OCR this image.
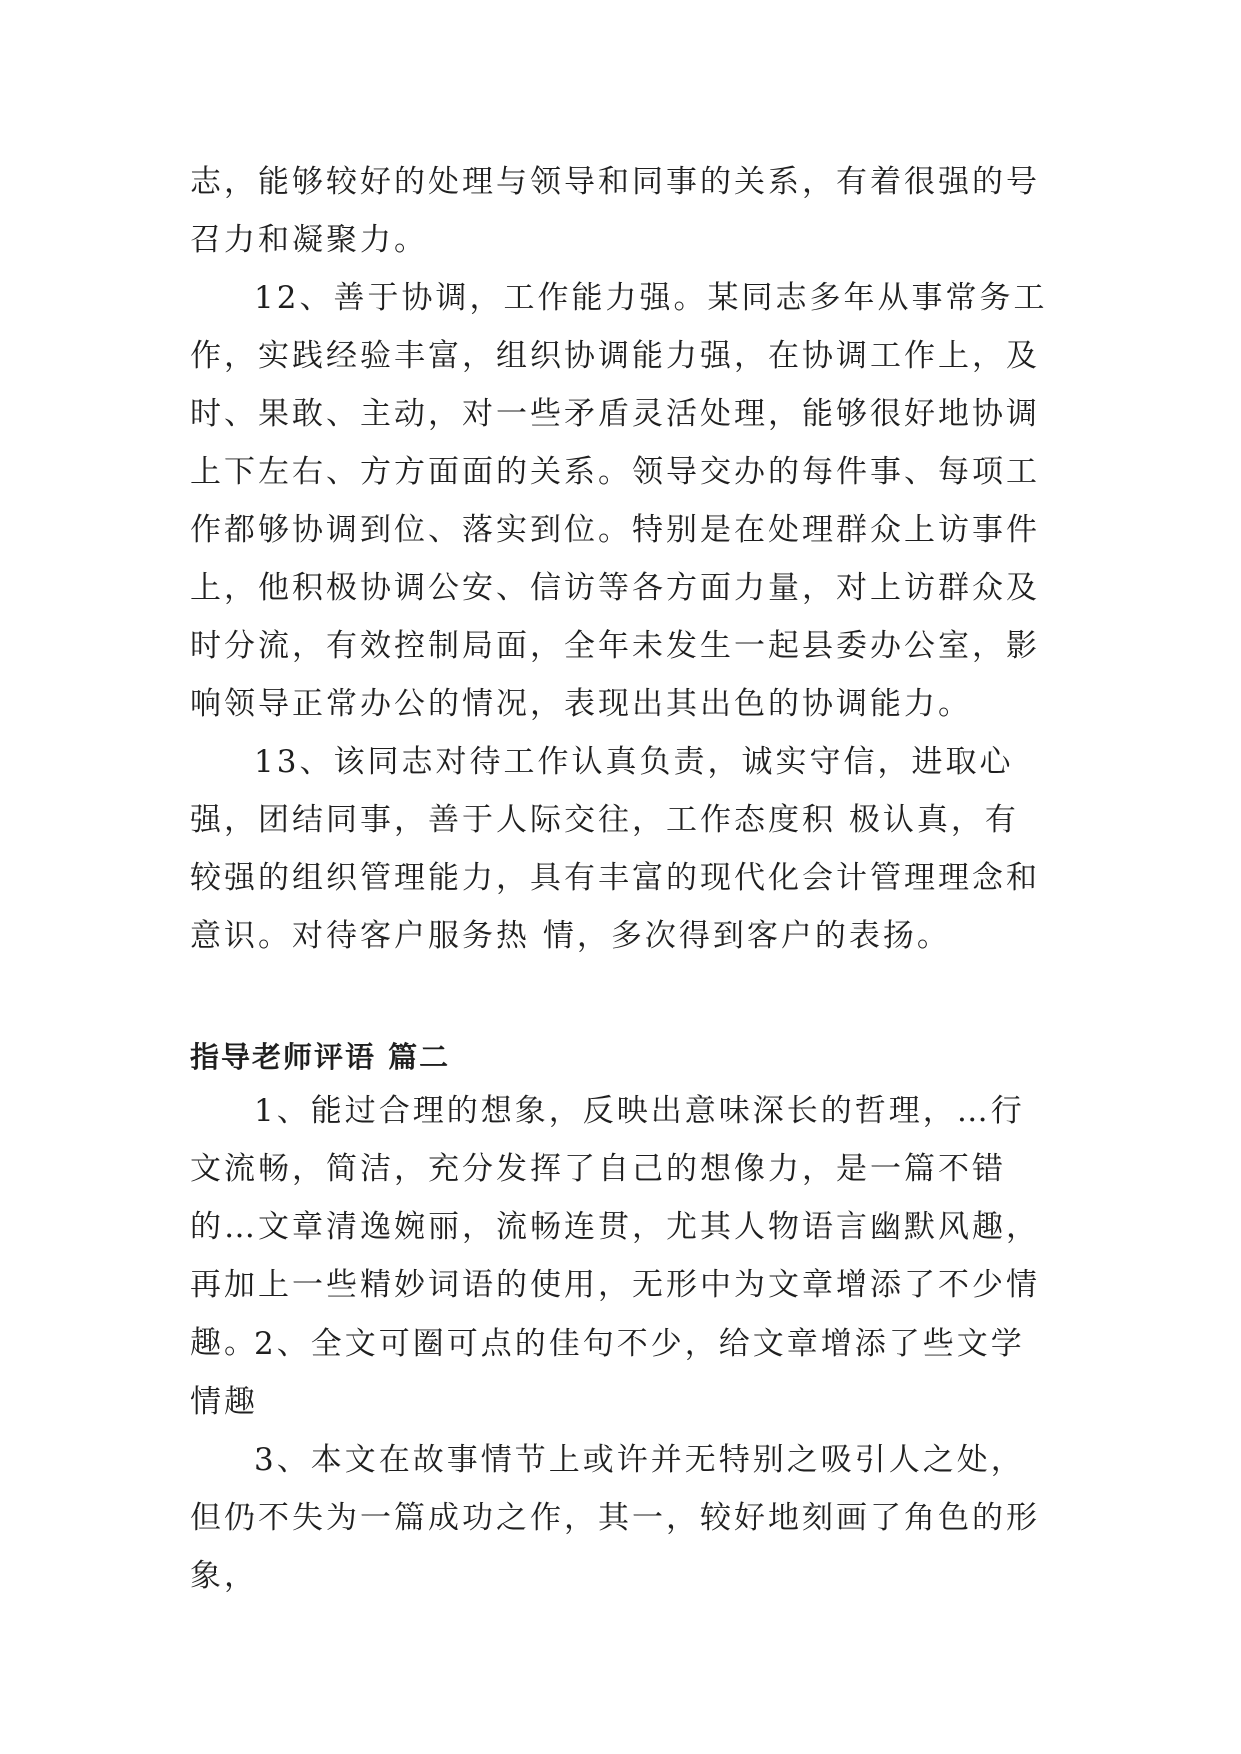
志，能够较好的处理与领导和同事的关系，有着很强的号召力和凝聚力。

12、善于协调，工作能力强。某同志多年从事常务工作，实践经验丰富，组织协调能力强，在协调工作上，及时、果敢、主动，对一些矛盾灵活处理，能够很好地协调上下左右、方方面面的关系。领导交办的每件事、每项工作都够协调到位、落实到位。特别是在处理群众上访事件上，他积极协调公安、信访等各方面力量，对上访群众及时分流，有效控制局面，全年未发生一起县委办公室，影响领导正常办公的情况，表现出其出色的协调能力。

13、该同志对待工作认真负责，诚实守信，进取心强，团结同事，善于人际交往，工作态度积 极认真，有较强的组织管理能力，具有丰富的现代化会计管理理念和意识。对待客户服务热 情，多次得到客户的表扬。

指导老师评语 篇二

1、能过合理的想象，反映出意味深长的哲理，…行文流畅，简洁，充分发挥了自己的想像力，是一篇不错的…文章清逸婉丽，流畅连贯，尤其人物语言幽默风趣，再加上一些精妙词语的使用，无形中为文章增添了不少情趣。

2、全文可圈可点的佳句不少，给文章增添了些文学情趣

3、本文在故事情节上或许并无特别之吸引人之处，但仍不失为一篇成功之作，其一，较好地刻画了角色的形象，
